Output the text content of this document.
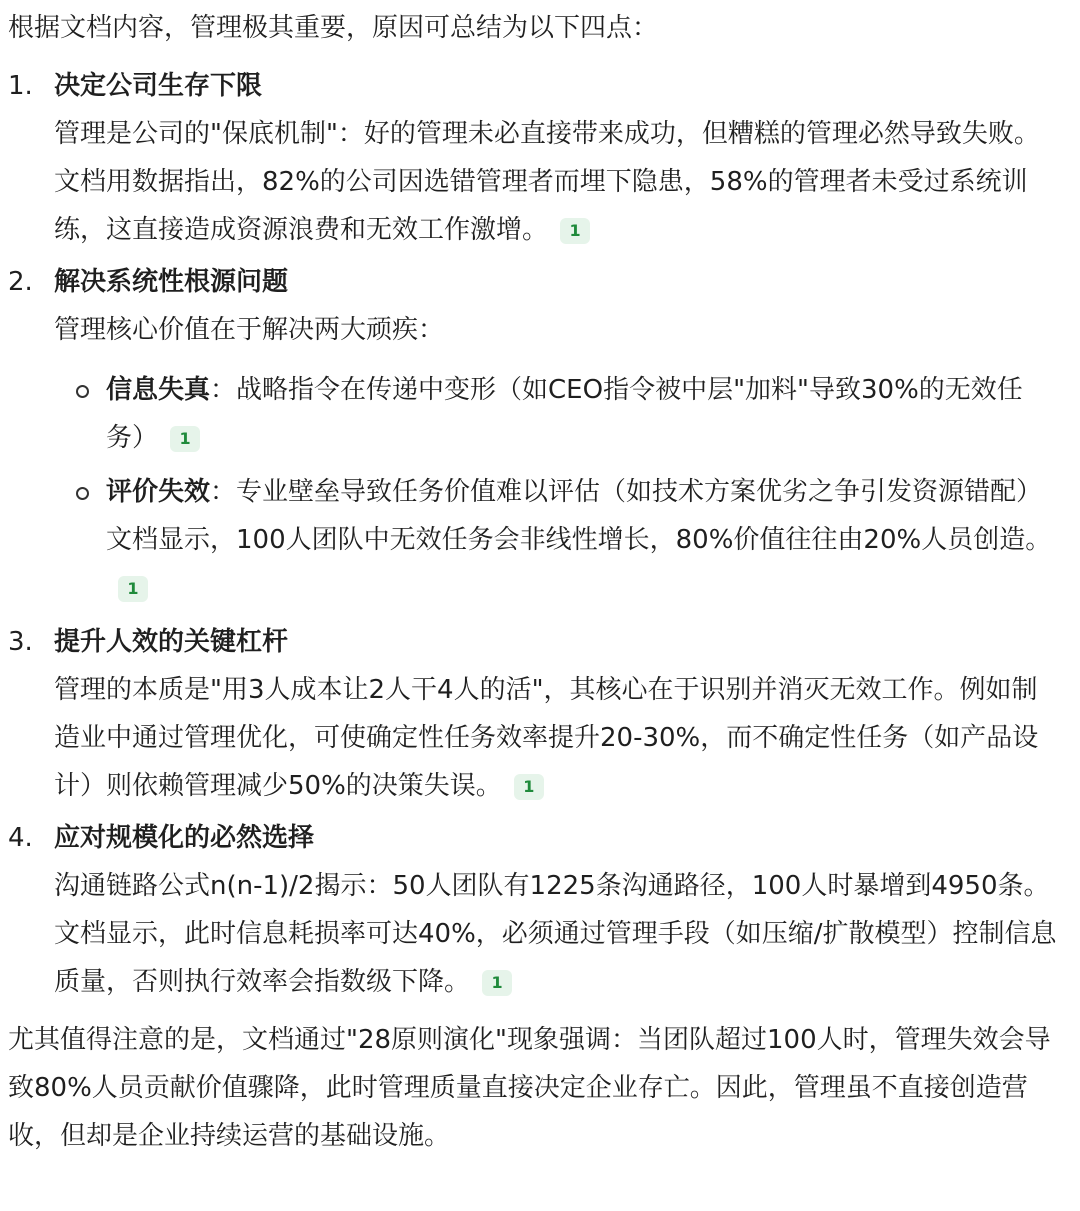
根据文档内容，管理极其重要，原因可总结为以下四点：

1. 决定公司生存下限
管理是公司的"保底机制"：好的管理未必直接带来成功，但糟糕的管理必然导致失败。文档用数据指出，82%的公司因选错管理者而埋下隐患，58%的管理者未受过系统训练，这直接造成资源浪费和无效工作激增。 1
2. 解决系统性根源问题
管理核心价值在于解决两大顽疾：
信息失真：战略指令在传递中变形（如CEO指令被中层"加料"导致30%的无效任务） 1
评价失效：专业壁垒导致任务价值难以评估（如技术方案优劣之争引发资源错配）
文档显示，100人团队中无效任务会非线性增长，80%价值往往由20%人员创造。1
3. 提升人效的关键杠杆
管理的本质是"用3人成本让2人干4人的活"，其核心在于识别并消灭无效工作。例如制造业中通过管理优化，可使确定性任务效率提升20-30%，而不确定性任务（如产品设计）则依赖管理减少50%的决策失误。 1
4. 应对规模化的必然选择
沟通链路公式n(n-1)/2揭示：50人团队有1225条沟通路径，100人时暴增到4950条。文档显示，此时信息耗损率可达40%，必须通过管理手段（如压缩/扩散模型）控制信息质量，否则执行效率会指数级下降。 1

尤其值得注意的是，文档通过"28原则演化"现象强调：当团队超过100人时，管理失效会导致80%人员贡献价值骤降，此时管理质量直接决定企业存亡。因此，管理虽不直接创造营收，但却是企业持续运营的基础设施。
